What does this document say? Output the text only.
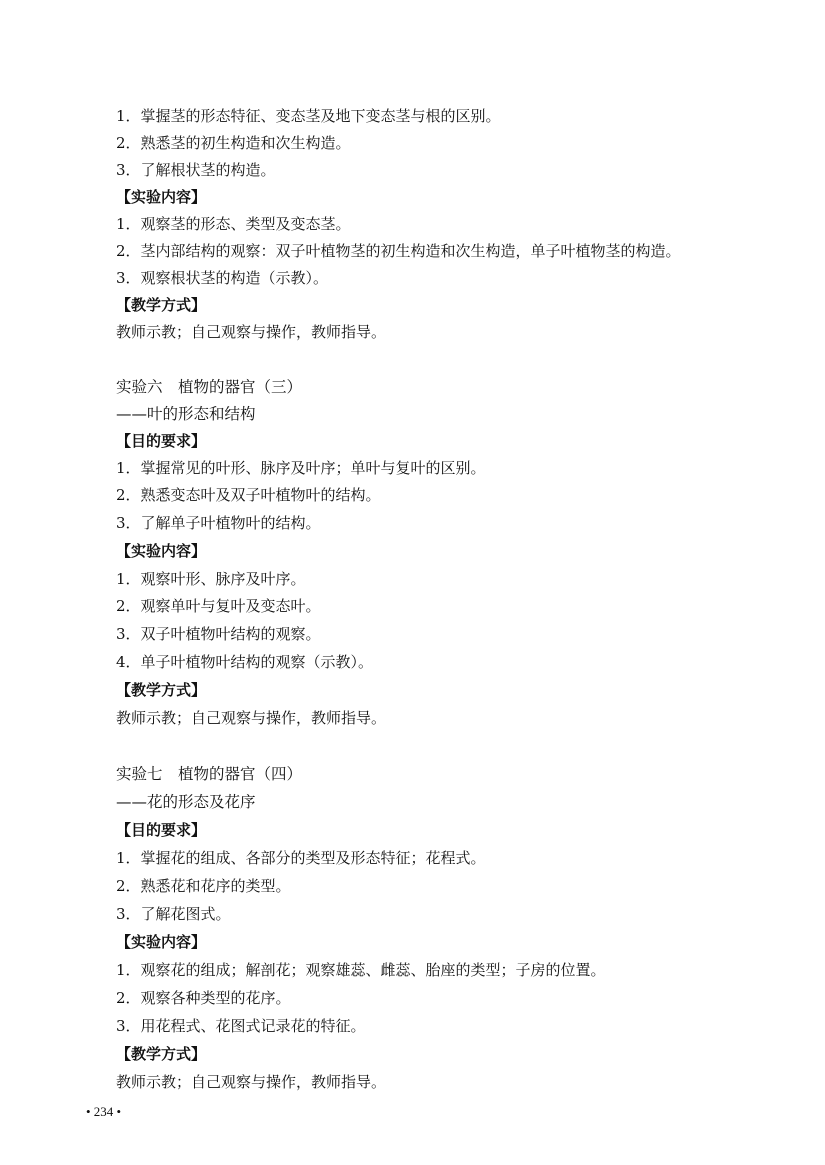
1．掌握茎的形态特征、变态茎及地下变态茎与根的区别。
2．熟悉茎的初生构造和次生构造。
3．了解根状茎的构造。
【实验内容】
1．观察茎的形态、类型及变态茎。
2．茎内部结构的观察：双子叶植物茎的初生构造和次生构造，单子叶植物茎的构造。
3．观察根状茎的构造（示教）。
【教学方式】
教师示教；自己观察与操作，教师指导。
实验六　植物的器官（三）
——叶的形态和结构
【目的要求】
1．掌握常见的叶形、脉序及叶序；单叶与复叶的区别。
2．熟悉变态叶及双子叶植物叶的结构。
3．了解单子叶植物叶的结构。
【实验内容】
1．观察叶形、脉序及叶序。
2．观察单叶与复叶及变态叶。
3．双子叶植物叶结构的观察。
4．单子叶植物叶结构的观察（示教）。
【教学方式】
教师示教；自己观察与操作，教师指导。
实验七　植物的器官（四）
——花的形态及花序
【目的要求】
1．掌握花的组成、各部分的类型及形态特征；花程式。
2．熟悉花和花序的类型。
3．了解花图式。
【实验内容】
1．观察花的组成；解剖花；观察雄蕊、雌蕊、胎座的类型；子房的位置。
2．观察各种类型的花序。
3．用花程式、花图式记录花的特征。
【教学方式】
教师示教；自己观察与操作，教师指导。
• 234 •
